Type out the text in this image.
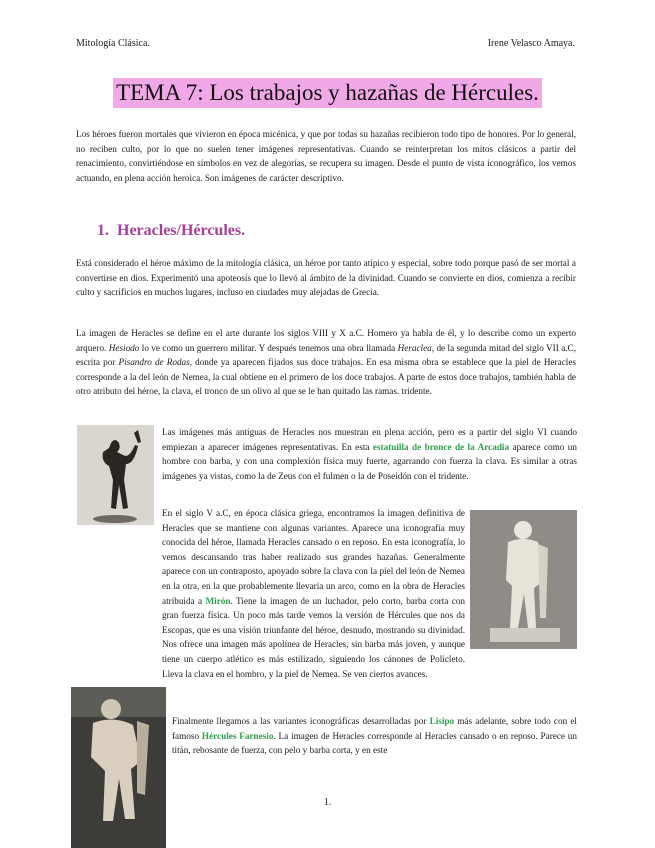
Mitología Clásica.	Irene Velasco Amaya.
TEMA 7: Los trabajos y hazañas de Hércules.

Los héroes fueron mortales que vivieron en época micénica, y que por todas su hazañas recibieron todo tipo de honores. Por lo general, no reciben culto, por lo que no suelen tener imágenes representativas. Cuando se reinterpretan los mitos clásicos a partir del renacimiento, convirtiéndose en símbolos en vez de alegorías, se recupera su imagen. Desde el punto de vista iconográfico, los vemos actuando, en plena acción heroica. Son imágenes de carácter descriptivo.

1. Heracles/Hércules.

Está considerado el héroe máximo de la mitología clásica, un héroe por tanto atípico y especial, sobre todo porque pasó de ser mortal a convertirse en dios. Experimentó una apoteosis que lo llevó al ámbito de la divinidad. Cuando se convierte en dios, comienza a recibir culto y sacrificios en muchos lugares, incluso en ciudades muy alejadas de Grecia.

La imagen de Heracles se define en el arte durante los siglos VIII y X a.C. Homero ya habla de él, y lo describe como un experto arquero. Hesiodo lo ve como un guerrero militar. Y después tenemos una obra llamada Heraclea, de la segunda mitad del siglo VII a.C, escrita por Pisandro de Rodas, donde ya aparecen fijados sus doce trabajos. En esa misma obra se establece que la piel de Heracles corresponde a la del león de Nemea, la cual obtiene en el primero de los doce trabajos. A parte de estos doce trabajos, también habla de otro atributo del héroe, la clava, el tronco de un olivo al que se le han quitado las ramas. tridente.

Las imágenes más antiguas de Heracles nos muestran en plena acción, pero es a partir del siglo VI cuando empiezan a aparecer imágenes representativas. En esta estatuilla de bronce de la Arcadia aparece como un hombre con barba, y con una complexión física muy fuerte, agarrando con fuerza la clava. Es similar a otras imágenes ya vistas, como la de Zeus con el fulmen o la de Poseidón con el tridente.

En el siglo V a.C, en época clásica griega, encontramos la imagen definitiva de Heracles que se mantiene con algunas variantes. Aparece una iconografía muy conocida del héroe, llamada Heracles cansado o en reposo. En esta iconografía, lo vemos descansando tras haber realizado sus grandes hazañas. Generalmente aparece con un contraposto, apoyado sobre la clava con la piel del león de Nemea en la otra, en la que probablemente llevaría un arco, como en la obra de Heracles atribuida a Mirón. Tiene la imagen de un luchador, pelo corto, barba corta con gran fuerza física. Un poco más tarde vemos la versión de Hércules que nos da Escopas, que es una visión triunfante del héroe, desnudo, mostrando su divinidad. Nos ofrece una imagen más apolínea de Heracles, sin barba más joven, y aunque tiene un cuerpo atlético es más estilizado, siguiendo los cánones de Policleto. Lleva la clava en el hombro, y la piel de Nemea. Se ven ciertos avances.

Finalmente llegamos a las variantes iconográficas desarrolladas por Lisipo más adelante, sobre todo con el famoso Hércules Farnesio. La imagen de Heracles corresponde al Heracles cansado o en reposo. Parece un titán, rebosante de fuerza, con pelo y barba corta, y en este

1.
